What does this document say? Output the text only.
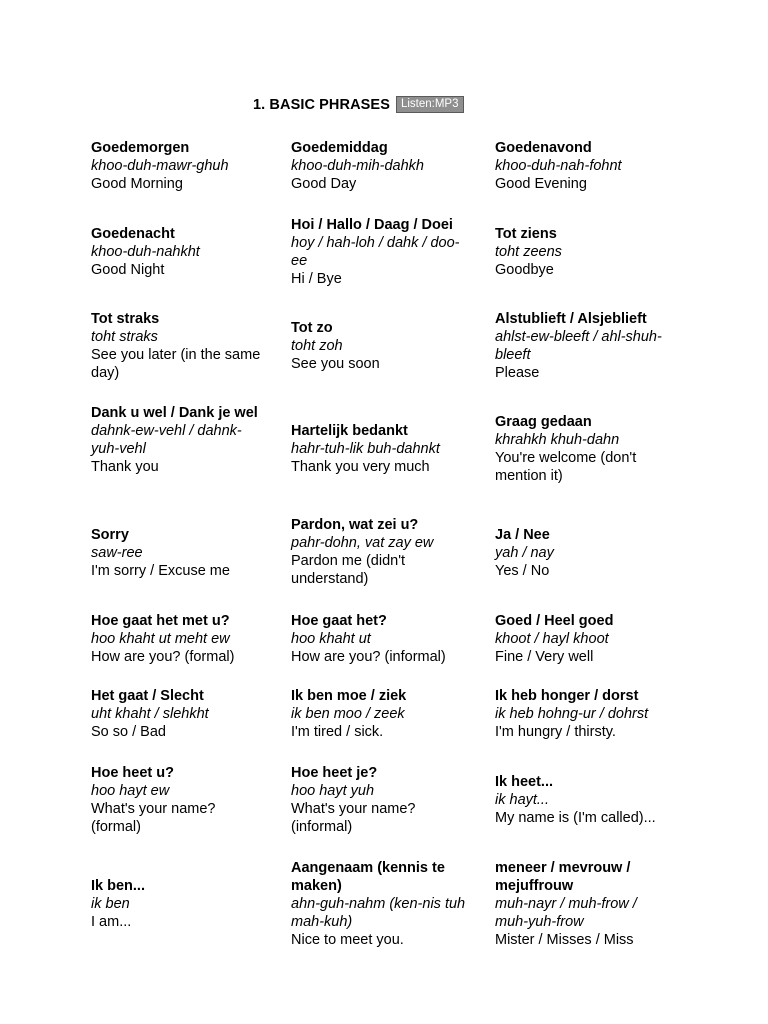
1. BASIC PHRASES Listen:MP3
Goedemorgen
khoo-duh-mawr-ghuh
Good Morning
Goedemiddag
khoo-duh-mih-dahkh
Good Day
Goedenavond
khoo-duh-nah-fohnt
Good Evening
Goedenacht
khoo-duh-nahkht
Good Night
Hoi / Hallo / Daag / Doei
hoy / hah-loh / dahk / doo-ee
Hi / Bye
Tot ziens
toht zeens
Goodbye
Tot straks
toht straks
See you later (in the same day)
Tot zo
toht zoh
See you soon
Alstublieft / Alsjeblieft
ahlst-ew-bleeft / ahl-shuh-bleeft
Please
Dank u wel / Dank je wel
dahnk-ew-vehl / dahnk-yuh-vehl
Thank you
Hartelijk bedankt
hahr-tuh-lik buh-dahnkt
Thank you very much
Graag gedaan
khrahkh khuh-dahn
You're welcome (don't mention it)
Sorry
saw-ree
I'm sorry / Excuse me
Pardon, wat zei u?
pahr-dohn, vat zay ew
Pardon me (didn't understand)
Ja / Nee
yah / nay
Yes / No
Hoe gaat het met u?
hoo khaht ut meht ew
How are you? (formal)
Hoe gaat het?
hoo khaht ut
How are you? (informal)
Goed / Heel goed
khoot / hayl khoot
Fine / Very well
Het gaat / Slecht
uht khaht / slehkht
So so / Bad
Ik ben moe / ziek
ik ben moo / zeek
I'm tired / sick.
Ik heb honger / dorst
ik heb hohng-ur / dohrst
I'm hungry / thirsty.
Hoe heet u?
hoo hayt ew
What's your name? (formal)
Hoe heet je?
hoo hayt yuh
What's your name? (informal)
Ik heet...
ik hayt...
My name is (I'm called)...
Ik ben...
ik ben
I am...
Aangenaam (kennis te maken)
ahn-guh-nahm (ken-nis tuh mah-kuh)
Nice to meet you.
meneer / mevrouw / mejuffrouw
muh-nayr / muh-frow / muh-yuh-frow
Mister / Misses / Miss
